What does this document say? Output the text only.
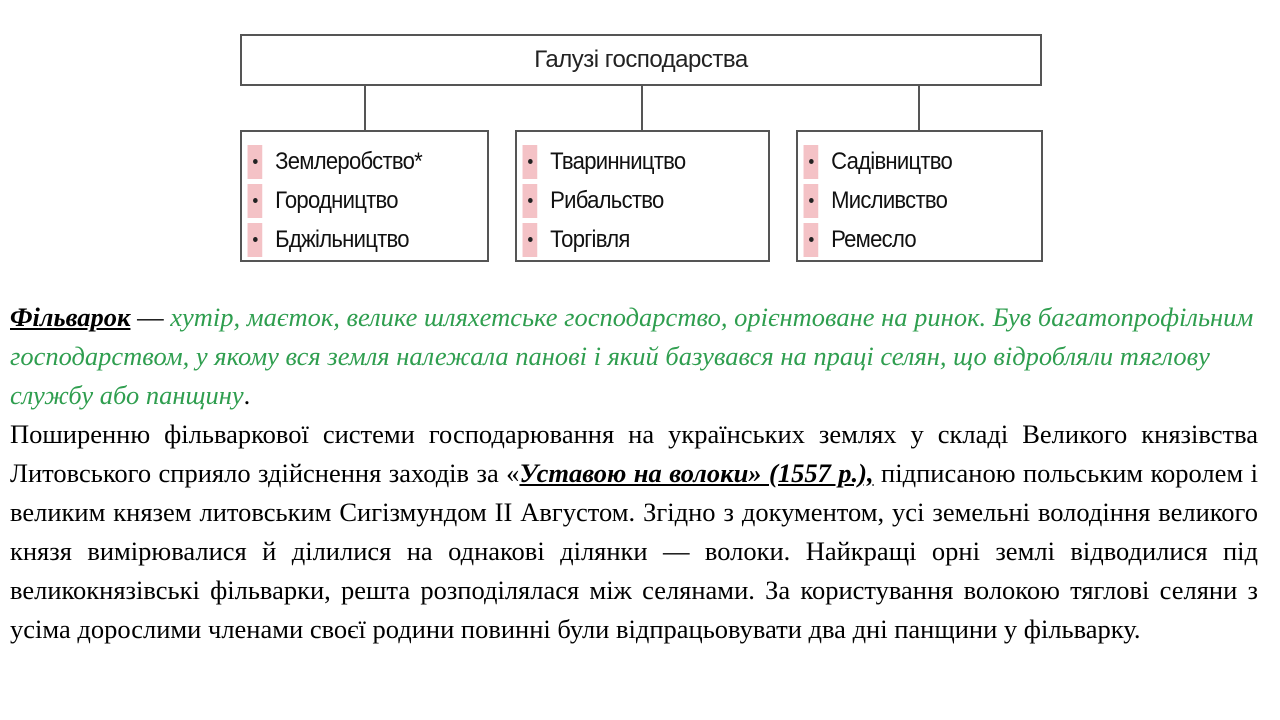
Галузі господарства
Землеробство*
Городництво
Бджільництво
Тваринництво
Рибальство
Торгівля
Садівництво
Мисливство
Ремесло

Фільварок — хутір, маєток, велике шляхетське господарство, орієнтоване на ринок. Був багатопрофільним господарством, у якому вся земля належала панові і який базувався на праці селян, що відробляли тяглову службу або панщину.

Поширенню фільваркової системи господарювання на українських землях у складі Великого князівства Литовського сприяло здійснення заходів за «Уставою на волоки» (1557 р.), підписаною польським королем і великим князем литовським Сигізмундом ІІ Августом. Згідно з документом, усі земельні володіння великого князя вимірювалися й ділилися на однакові ділянки — волоки. Найкращі орні землі відводилися під великокнязівські фільварки, решта розподілялася між селянами. За користування волокою тяглові селяни з усіма дорослими членами своєї родини повинні були відпрацьовувати два дні панщини у фільварку.
